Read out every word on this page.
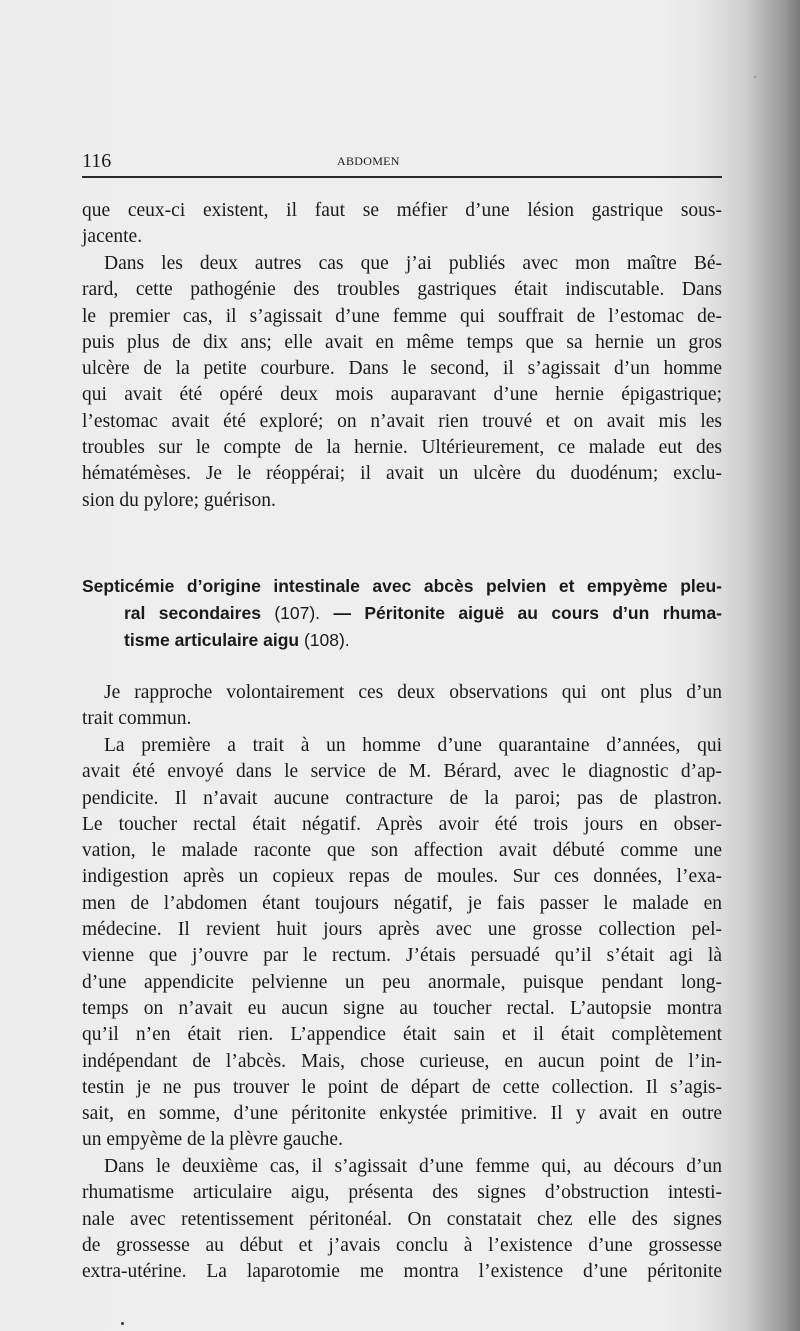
116	ABDOMEN
que ceux-ci existent, il faut se méfier d’une lésion gastrique sous-
jacente.
Dans les deux autres cas que j’ai publiés avec mon maître Bé-
rard, cette pathogénie des troubles gastriques était indiscutable. Dans
le premier cas, il s’agissait d’une femme qui souffrait de l’estomac de-
puis plus de dix ans; elle avait en même temps que sa hernie un gros
ulcère de la petite courbure. Dans le second, il s’agissait d’un homme
qui avait été opéré deux mois auparavant d’une hernie épigastrique;
l’estomac avait été exploré; on n’avait rien trouvé et on avait mis les
troubles sur le compte de la hernie. Ultérieurement, ce malade eut des
hématémèses. Je le réoppérai; il avait un ulcère du duodénum; exclu-
sion du pylore; guérison.
Septicémie d’origine intestinale avec abcès pelvien et empyème pleu-
ral secondaires (107). — Péritonite aiguë au cours d’un rhuma-
tisme articulaire aigu (108).
Je rapproche volontairement ces deux observations qui ont plus d’un
trait commun.
La première a trait à un homme d’une quarantaine d’années, qui
avait été envoyé dans le service de M. Bérard, avec le diagnostic d’ap-
pendicite. Il n’avait aucune contracture de la paroi; pas de plastron.
Le toucher rectal était négatif. Après avoir été trois jours en obser-
vation, le malade raconte que son affection avait débuté comme une
indigestion après un copieux repas de moules. Sur ces données, l’exa-
men de l’abdomen étant toujours négatif, je fais passer le malade en
médecine. Il revient huit jours après avec une grosse collection pel-
vienne que j’ouvre par le rectum. J’étais persuadé qu’il s’était agi là
d’une appendicite pelvienne un peu anormale, puisque pendant long-
temps on n’avait eu aucun signe au toucher rectal. L’autopsie montra
qu’il n’en était rien. L’appendice était sain et il était complètement
indépendant de l’abcès. Mais, chose curieuse, en aucun point de l’in-
testin je ne pus trouver le point de départ de cette collection. Il s’agis-
sait, en somme, d’une péritonite enkystée primitive. Il y avait en outre
un empyème de la plèvre gauche.
Dans le deuxième cas, il s’agissait d’une femme qui, au décours d’un
rhumatisme articulaire aigu, présenta des signes d’obstruction intesti-
nale avec retentissement péritonéal. On constatait chez elle des signes
de grossesse au début et j’avais conclu à l’existence d’une grossesse
extra-utérine. La laparotomie me montra l’existence d’une péritonite
